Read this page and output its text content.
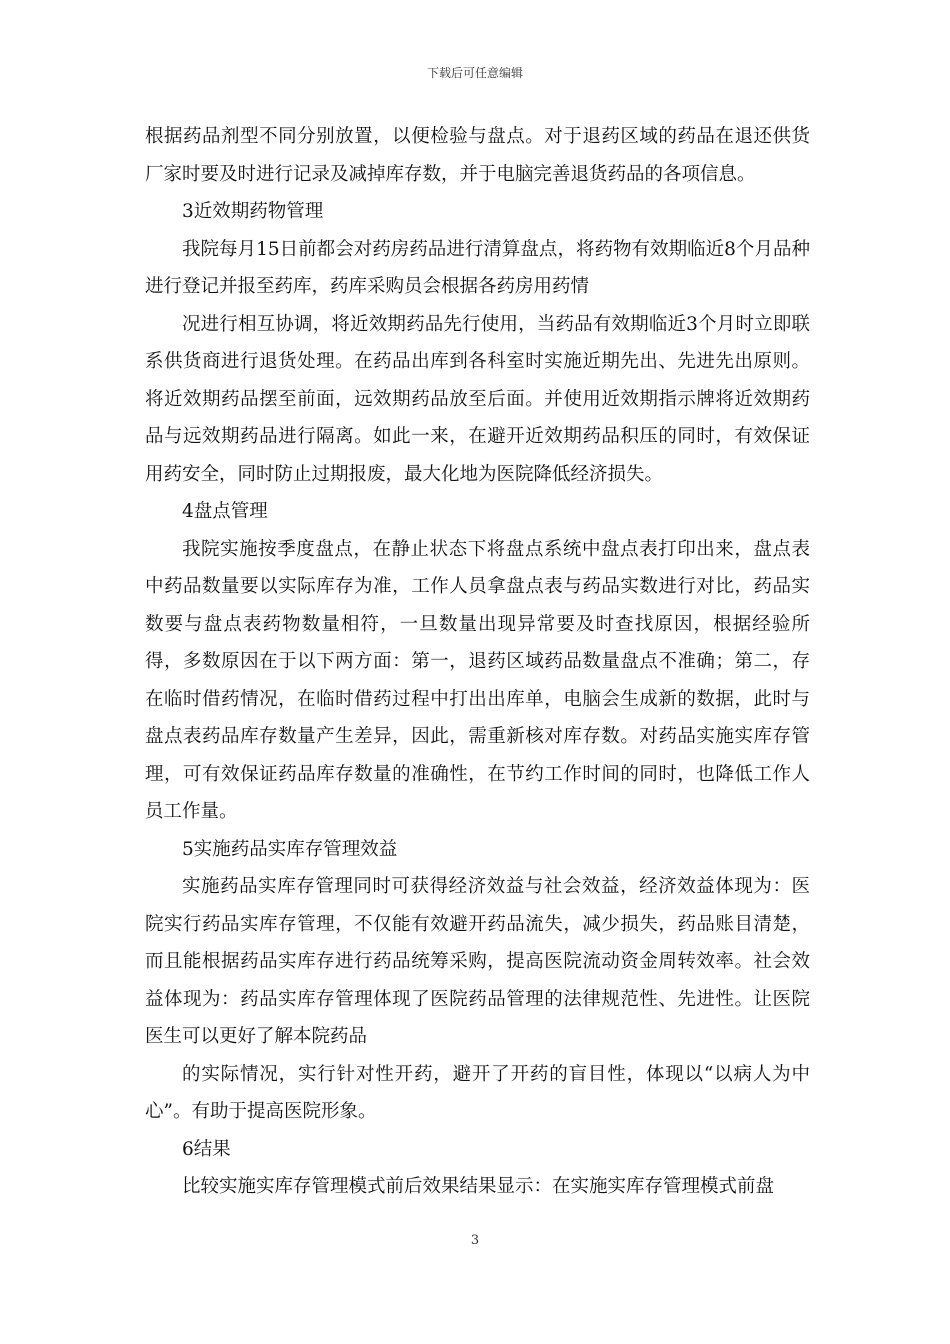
下载后可任意编辑

根据药品剂型不同分别放置，以便检验与盘点。对于退药区域的药品在退还供货厂家时要及时进行记录及减掉库存数，并于电脑完善退货药品的各项信息。

3近效期药物管理

我院每月15日前都会对药房药品进行清算盘点，将药物有效期临近8个月品种进行登记并报至药库，药库采购员会根据各药房用药情

况进行相互协调，将近效期药品先行使用，当药品有效期临近3个月时立即联系供货商进行退货处理。在药品出库到各科室时实施近期先出、先进先出原则。将近效期药品摆至前面，远效期药品放至后面。并使用近效期指示牌将近效期药品与远效期药品进行隔离。如此一来，在避开近效期药品积压的同时，有效保证用药安全，同时防止过期报废，最大化地为医院降低经济损失。

4盘点管理

我院实施按季度盘点，在静止状态下将盘点系统中盘点表打印出来，盘点表中药品数量要以实际库存为准，工作人员拿盘点表与药品实数进行对比，药品实数要与盘点表药物数量相符，一旦数量出现异常要及时查找原因，根据经验所得，多数原因在于以下两方面：第一，退药区域药品数量盘点不准确；第二，存在临时借药情况，在临时借药过程中打出出库单，电脑会生成新的数据，此时与盘点表药品库存数量产生差异，因此，需重新核对库存数。对药品实施实库存管理，可有效保证药品库存数量的准确性，在节约工作时间的同时，也降低工作人员工作量。

5实施药品实库存管理效益

实施药品实库存管理同时可获得经济效益与社会效益，经济效益体现为：医院实行药品实库存管理，不仅能有效避开药品流失，减少损失，药品账目清楚，而且能根据药品实库存进行药品统筹采购，提高医院流动资金周转效率。社会效益体现为：药品实库存管理体现了医院药品管理的法律规范性、先进性。让医院医生可以更好了解本院药品

的实际情况，实行针对性开药，避开了开药的盲目性，体现以“以病人为中心”。有助于提高医院形象。

6结果

比较实施实库存管理模式前后效果结果显示：在实施实库存管理模式前盘

3
